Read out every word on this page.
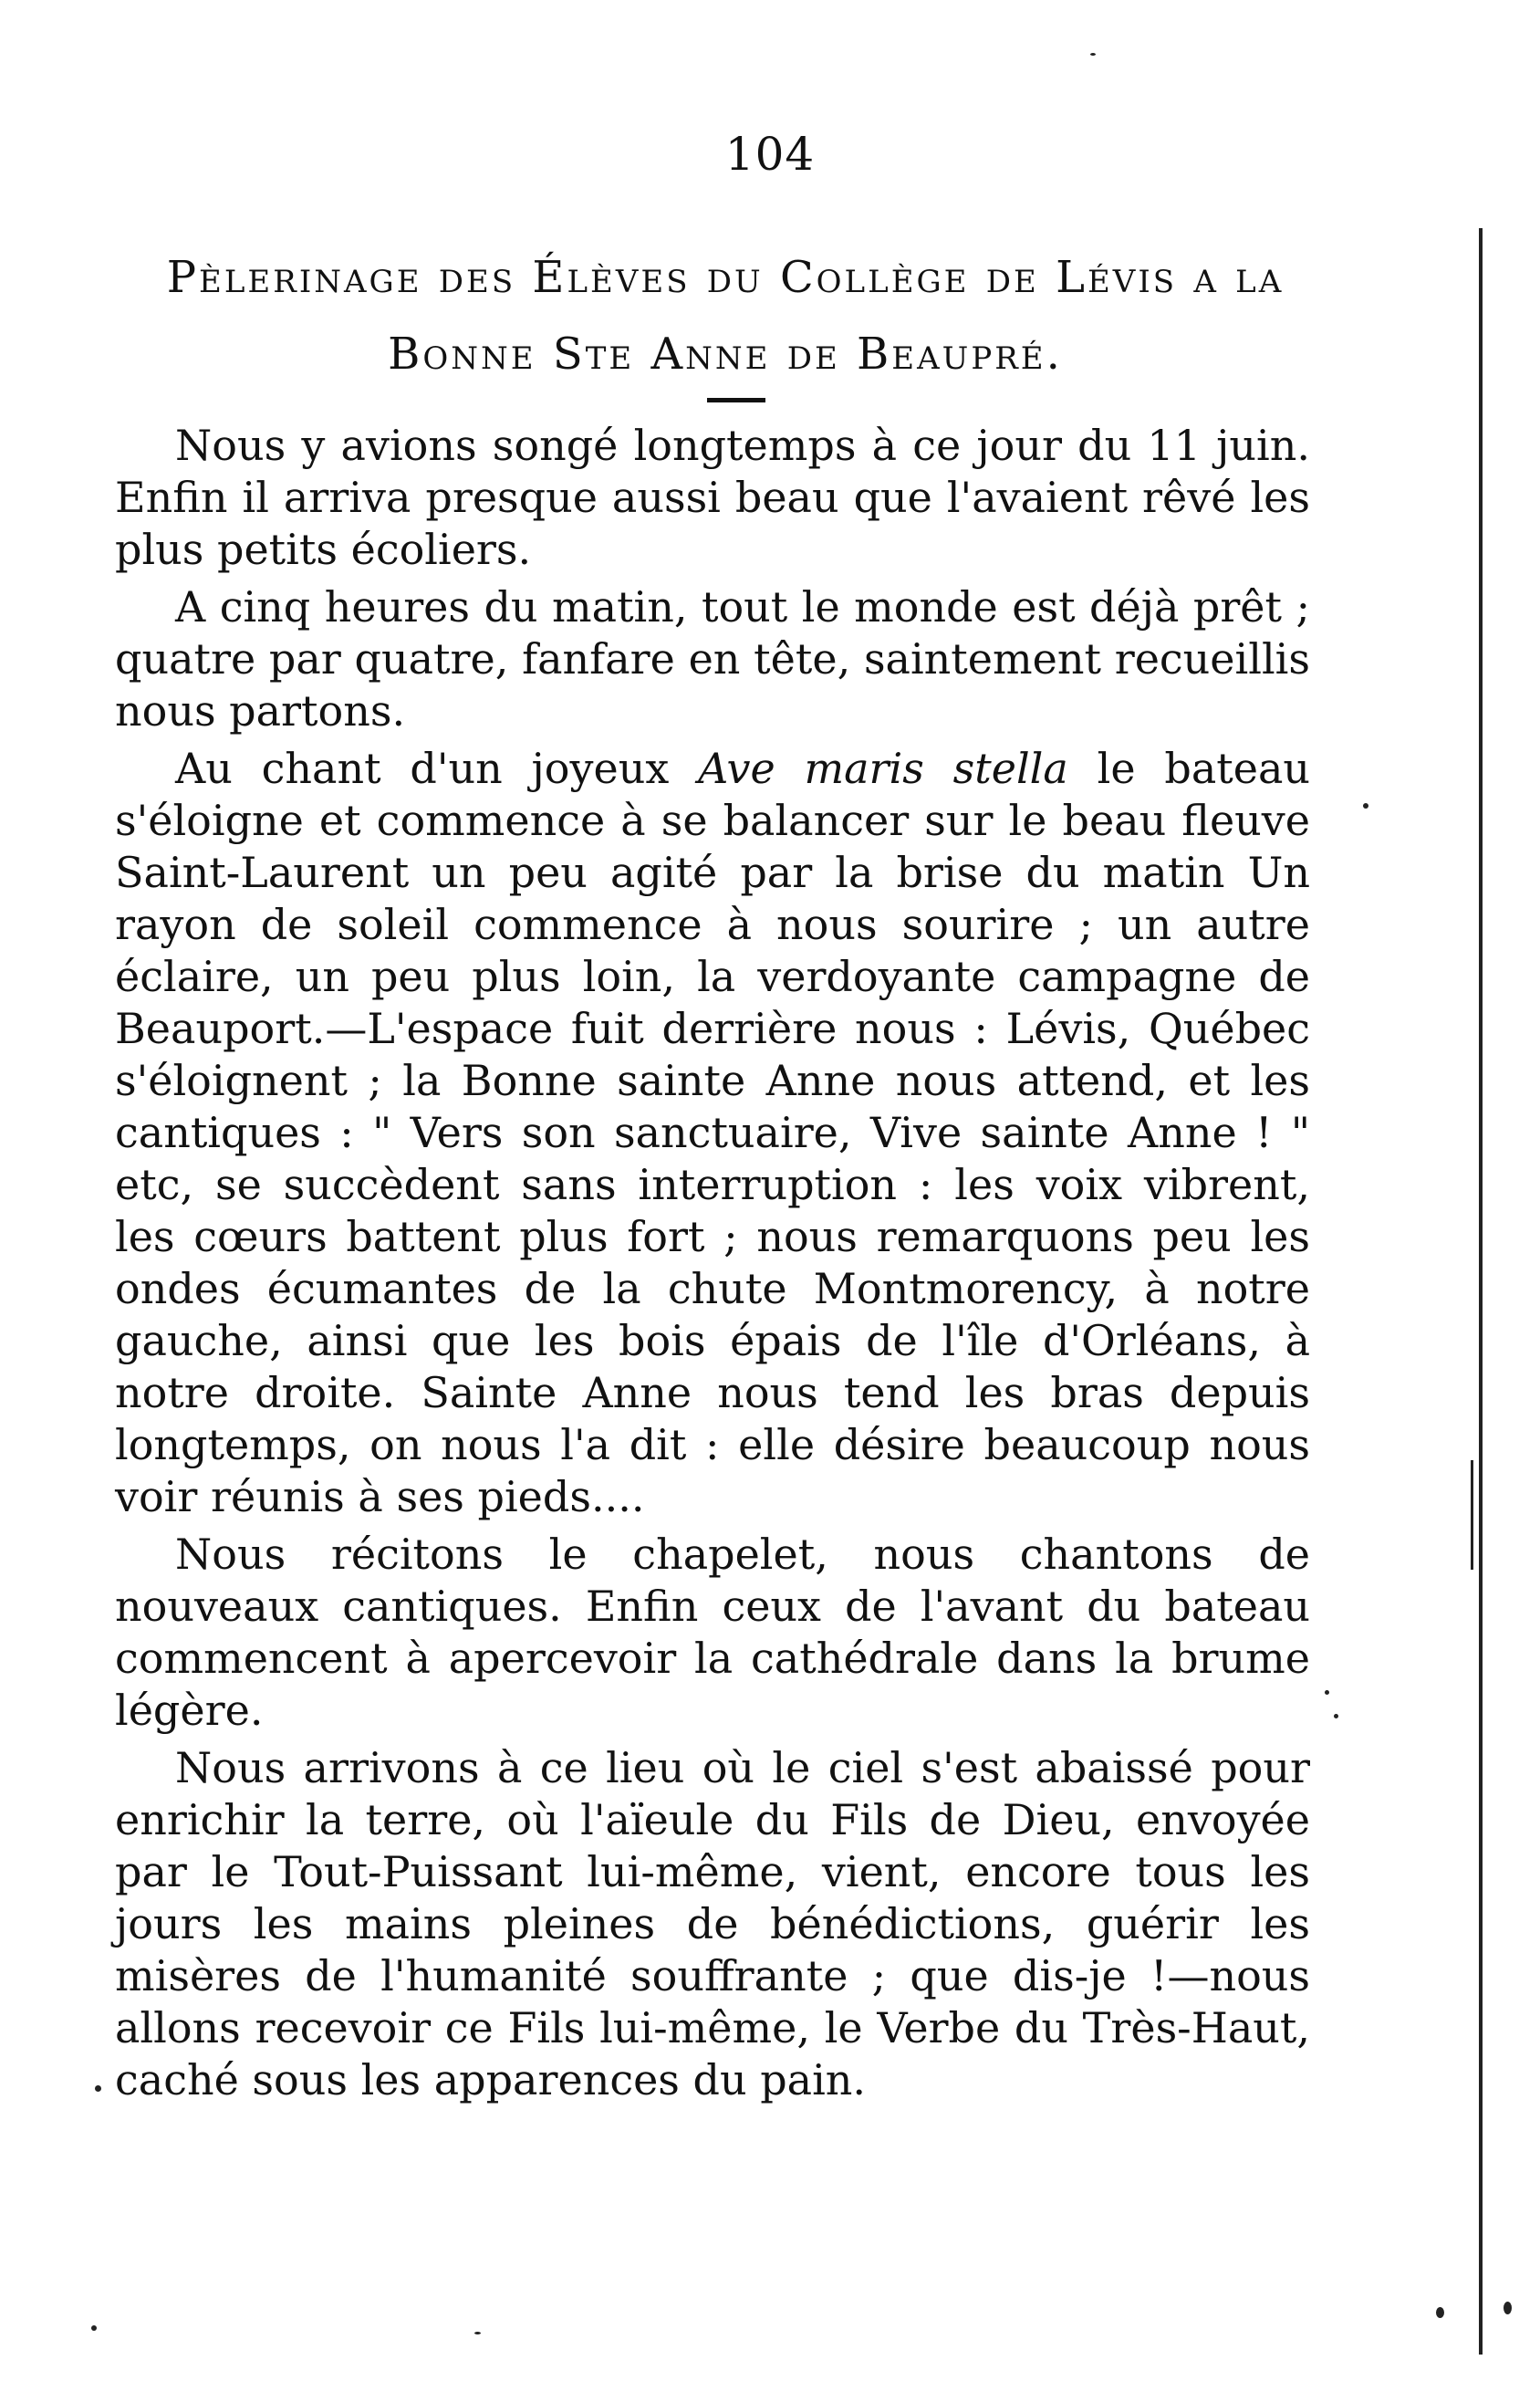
104
Pèlerinage des Élèves du Collège de Lévis a la
Bonne Ste Anne de Beaupré.

Nous y avions songé longtemps à ce jour du 11 juin. Enfin il arriva presque aussi beau que l'avaient rêvé les plus petits écoliers.

A cinq heures du matin, tout le monde est déjà prêt ; quatre par quatre, fanfare en tête, saintement recueillis nous partons.

Au chant d'un joyeux Ave maris stella le bateau s'éloigne et commence à se balancer sur le beau fleuve Saint-Laurent un peu agité par la brise du matin Un rayon de soleil commence à nous sourire ; un autre éclaire, un peu plus loin, la verdoyante campagne de Beauport.—L'espace fuit derrière nous : Lévis, Québec s'éloignent ; la Bonne sainte Anne nous attend, et les cantiques : " Vers son sanctuaire, Vive sainte Anne ! " etc, se succèdent sans interruption : les voix vibrent, les cœurs battent plus fort ; nous remarquons peu les ondes écumantes de la chute Montmorency, à notre gauche, ainsi que les bois épais de l'île d'Orléans, à notre droite. Sainte Anne nous tend les bras depuis longtemps, on nous l'a dit : elle désire beaucoup nous voir réunis à ses pieds....

Nous récitons le chapelet, nous chantons de nouveaux cantiques. Enfin ceux de l'avant du bateau commencent à apercevoir la cathédrale dans la brume légère.

Nous arrivons à ce lieu où le ciel s'est abaissé pour enrichir la terre, où l'aïeule du Fils de Dieu, envoyée par le Tout-Puissant lui-même, vient, encore tous les jours les mains pleines de bénédictions, guérir les misères de l'humanité souffrante ; que dis-je !—nous allons recevoir ce Fils lui-même, le Verbe du Très-Haut, caché sous les apparences du pain.
